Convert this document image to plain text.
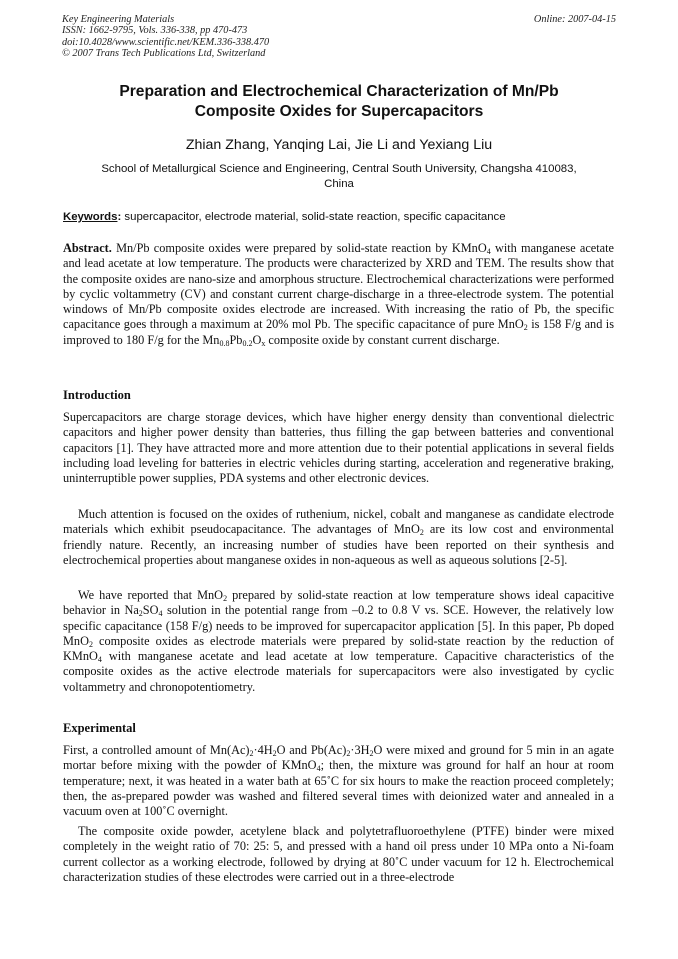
Key Engineering Materials
ISSN: 1662-9795, Vols. 336-338, pp 470-473
doi:10.4028/www.scientific.net/KEM.336-338.470
© 2007 Trans Tech Publications Ltd, Switzerland
Online: 2007-04-15
Preparation and Electrochemical Characterization of Mn/Pb
Composite Oxides for Supercapacitors
Zhian Zhang, Yanqing Lai, Jie Li and Yexiang Liu
School of Metallurgical Science and Engineering, Central South University, Changsha 410083,
China
Keywords: supercapacitor, electrode material, solid-state reaction, specific capacitance

Abstract. Mn/Pb composite oxides were prepared by solid-state reaction by KMnO$_4$ with manganese acetate and lead acetate at low temperature. The products were characterized by XRD and TEM. The results show that the composite oxides are nano-size and amorphous structure. Electrochemical characterizations were performed by cyclic voltammetry (CV) and constant current charge-discharge in a three-electrode system. The potential windows of Mn/Pb composite oxides electrode are increased. With increasing the ratio of Pb, the specific capacitance goes through a maximum at 20% mol Pb. The specific capacitance of pure MnO$_2$ is 158 F/g and is improved to 180 F/g for the $Mn_{0.8}Pb_{0.2}O_x$ composite oxide by constant current discharge.

Introduction

Supercapacitors are charge storage devices, which have higher energy density than conventional dielectric capacitors and higher power density than batteries, thus filling the gap between batteries and conventional capacitors [1]. They have attracted more and more attention due to their potential applications in several fields including load leveling for batteries in electric vehicles during starting, acceleration and regenerative braking, uninterruptible power supplies, PDA systems and other electronic devices.

Much attention is focused on the oxides of ruthenium, nickel, cobalt and manganese as candidate electrode materials which exhibit pseudocapacitance. The advantages of MnO$_2$ are its low cost and environmental friendly nature. Recently, an increasing number of studies have been reported on their synthesis and electrochemical properties about manganese oxides in non-aqueous as well as aqueous solutions [2-5].

We have reported that MnO$_2$ prepared by solid-state reaction at low temperature shows ideal capacitive behavior in $Na_2SO_4$ solution in the potential range from –0.2 to 0.8 V vs. SCE. However, the relatively low specific capacitance (158 F/g) needs to be improved for supercapacitor application [5]. In this paper, Pb doped MnO$_2$ composite oxides as electrode materials were prepared by solid-state reaction by the reduction of KMnO$_4$ with manganese acetate and lead acetate at low temperature. Capacitive characteristics of the composite oxides as the active electrode materials for supercapacitors were also investigated by cyclic voltammetry and chronopotentiometry.

Experimental

First, a controlled amount of $Mn(Ac)_2\cdot 4H_2O$ and $Pb(Ac)_2\cdot 3H_2O$ were mixed and ground for 5 min in an agate mortar before mixing with the powder of KMnO$_4$; then, the mixture was ground for half an hour at room temperature; next, it was heated in a water bath at 65˚C for six hours to make the reaction proceed completely; then, the as-prepared powder was washed and filtered several times with deionized water and annealed in a vacuum oven at 100˚C overnight.

The composite oxide powder, acetylene black and polytetrafluoroethylene (PTFE) binder were mixed completely in the weight ratio of 70: 25: 5, and pressed with a hand oil press under 10 MPa onto a Ni-foam current collector as a working electrode, followed by drying at 80˚C under vacuum for 12 h. Electrochemical characterization studies of these electrodes were carried out in a three-electrode
